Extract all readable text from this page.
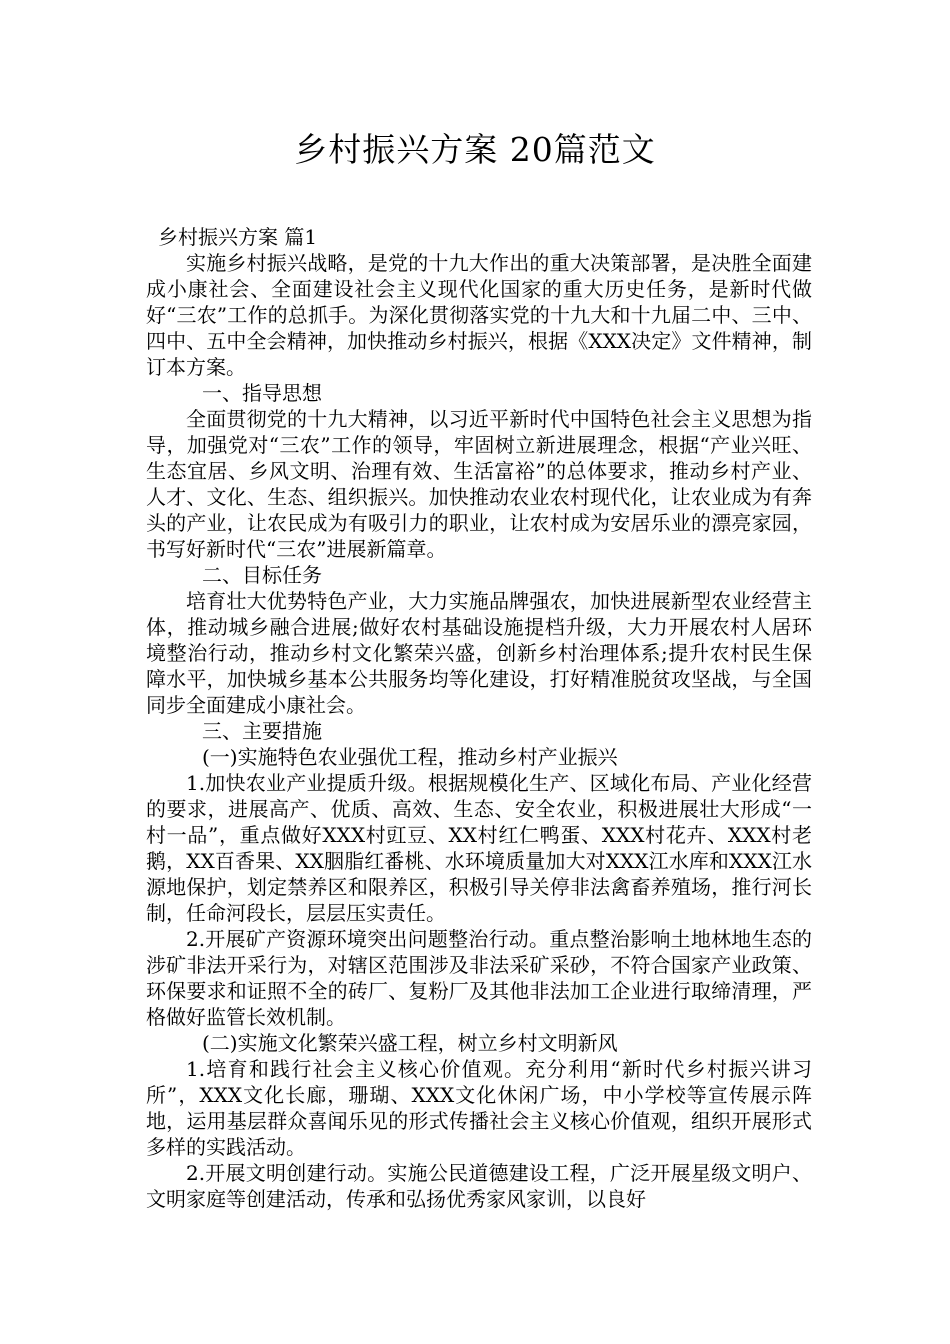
乡村振兴方案 20篇范文

乡村振兴方案 篇1

实施乡村振兴战略，是党的十九大作出的重大决策部署，是决胜全面建成小康社会、全面建设社会主义现代化国家的重大历史任务，是新时代做好“三农”工作的总抓手。为深化贯彻落实党的十九大和十九届二中、三中、四中、五中全会精神，加快推动乡村振兴，根据《XXX决定》文件精神，制订本方案。

一、指导思想

全面贯彻党的十九大精神，以习近平新时代中国特色社会主义思想为指导，加强党对“三农”工作的领导，牢固树立新进展理念，根据“产业兴旺、生态宜居、乡风文明、治理有效、生活富裕”的总体要求，推动乡村产业、人才、文化、生态、组织振兴。加快推动农业农村现代化，让农业成为有奔头的产业，让农民成为有吸引力的职业，让农村成为安居乐业的漂亮家园，书写好新时代“三农”进展新篇章。

二、目标任务

培育壮大优势特色产业，大力实施品牌强农，加快进展新型农业经营主体，推动城乡融合进展;做好农村基础设施提档升级，大力开展农村人居环境整治行动，推动乡村文化繁荣兴盛，创新乡村治理体系;提升农村民生保障水平，加快城乡基本公共服务均等化建设，打好精准脱贫攻坚战，与全国同步全面建成小康社会。

三、主要措施

(一)实施特色农业强优工程，推动乡村产业振兴

1.加快农业产业提质升级。根据规模化生产、区域化布局、产业化经营的要求，进展高产、优质、高效、生态、安全农业，积极进展壮大形成“一村一品”，重点做好XXX村豇豆、XX村红仁鸭蛋、XXX村花卉、XXX村老鹅，XX百香果、XX胭脂红番桃、水环境质量加大对XXX江水库和XXX江水源地保护，划定禁养区和限养区，积极引导关停非法禽畜养殖场，推行河长制，任命河段长，层层压实责任。

2.开展矿产资源环境突出问题整治行动。重点整治影响土地林地生态的涉矿非法开采行为，对辖区范围涉及非法采矿采砂，不符合国家产业政策、环保要求和证照不全的砖厂、复粉厂及其他非法加工企业进行取缔清理，严格做好监管长效机制。

(二)实施文化繁荣兴盛工程，树立乡村文明新风

1.培育和践行社会主义核心价值观。充分利用“新时代乡村振兴讲习所”，XXX文化长廊，珊瑚、XXX文化休闲广场，中小学校等宣传展示阵地，运用基层群众喜闻乐见的形式传播社会主义核心价值观，组织开展形式多样的实践活动。

2.开展文明创建行动。实施公民道德建设工程，广泛开展星级文明户、文明家庭等创建活动，传承和弘扬优秀家风家训，以良好
